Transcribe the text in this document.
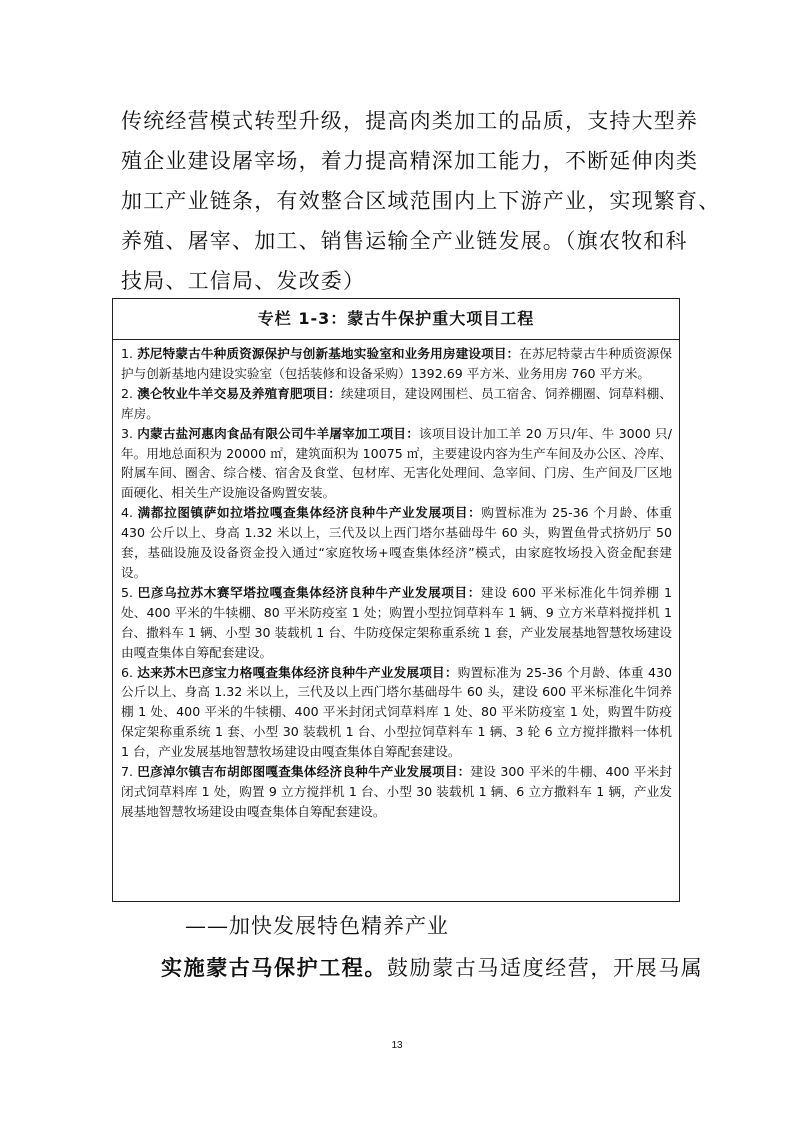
传统经营模式转型升级，提高肉类加工的品质，支持大型养
殖企业建设屠宰场，着力提高精深加工能力，不断延伸肉类
加工产业链条，有效整合区域范围内上下游产业，实现繁育、
养殖、屠宰、加工、销售运输全产业链发展。（旗农牧和科
技局、工信局、发改委）
专栏 1-3：蒙古牛保护重大项目工程
1. 苏尼特蒙古牛种质资源保护与创新基地实验室和业务用房建设项目：在苏尼特蒙古牛种质资源保护与创新基地内建设实验室（包括装修和设备采购）1392.69 平方米、业务用房 760 平方米。
2. 澳仑牧业牛羊交易及养殖育肥项目：续建项目，建设网围栏、员工宿舍、饲养棚圈、饲草料棚、库房。
3. 内蒙古盐河惠肉食品有限公司牛羊屠宰加工项目：该项目设计加工羊 20 万只/年、牛 3000 只/年。用地总面积为 20000 ㎡，建筑面积为 10075 ㎡，主要建设内容为生产车间及办公区、冷库、附属车间、圈舍、综合楼、宿舍及食堂、包材库、无害化处理间、急宰间、门房、生产间及厂区地面硬化、相关生产设施设备购置安装。
4. 满都拉图镇萨如拉塔拉嘎查集体经济良种牛产业发展项目：购置标准为 25-36 个月龄、体重 430 公斤以上、身高 1.32 米以上，三代及以上西门塔尔基础母牛 60 头，购置鱼骨式挤奶厅 50 套，基础设施及设备资金投入通过“家庭牧场+嘎查集体经济”模式，由家庭牧场投入资金配套建设。
5. 巴彦乌拉苏木赛罕塔拉嘎查集体经济良种牛产业发展项目：建设 600 平米标准化牛饲养棚 1 处、400 平米的牛犊棚、80 平米防疫室 1 处；购置小型拉饲草料车 1 辆、9 立方米草料搅拌机 1 台、撒料车 1 辆、小型 30 装载机 1 台、牛防疫保定架称重系统 1 套，产业发展基地智慧牧场建设由嘎查集体自筹配套建设。
6. 达来苏木巴彦宝力格嘎查集体经济良种牛产业发展项目：购置标准为 25-36 个月龄、体重 430 公斤以上、身高 1.32 米以上，三代及以上西门塔尔基础母牛 60 头，建设 600 平米标准化牛饲养棚 1 处、400 平米的牛犊棚、400 平米封闭式饲草料库 1 处、80 平米防疫室 1 处，购置牛防疫保定架称重系统 1 套、小型 30 装载机 1 台、小型拉饲草料车 1 辆、3 轮 6 立方搅拌撒料一体机 1 台，产业发展基地智慧牧场建设由嘎查集体自筹配套建设。
7. 巴彦淖尔镇吉布胡郎图嘎查集体经济良种牛产业发展项目：建设 300 平米的牛棚、400 平米封闭式饲草料库 1 处，购置 9 立方搅拌机 1 台、小型 30 装载机 1 辆、6 立方撒料车 1 辆，产业发展基地智慧牧场建设由嘎查集体自筹配套建设。
——加快发展特色精养产业
实施蒙古马保护工程。鼓励蒙古马适度经营，开展马属
13
